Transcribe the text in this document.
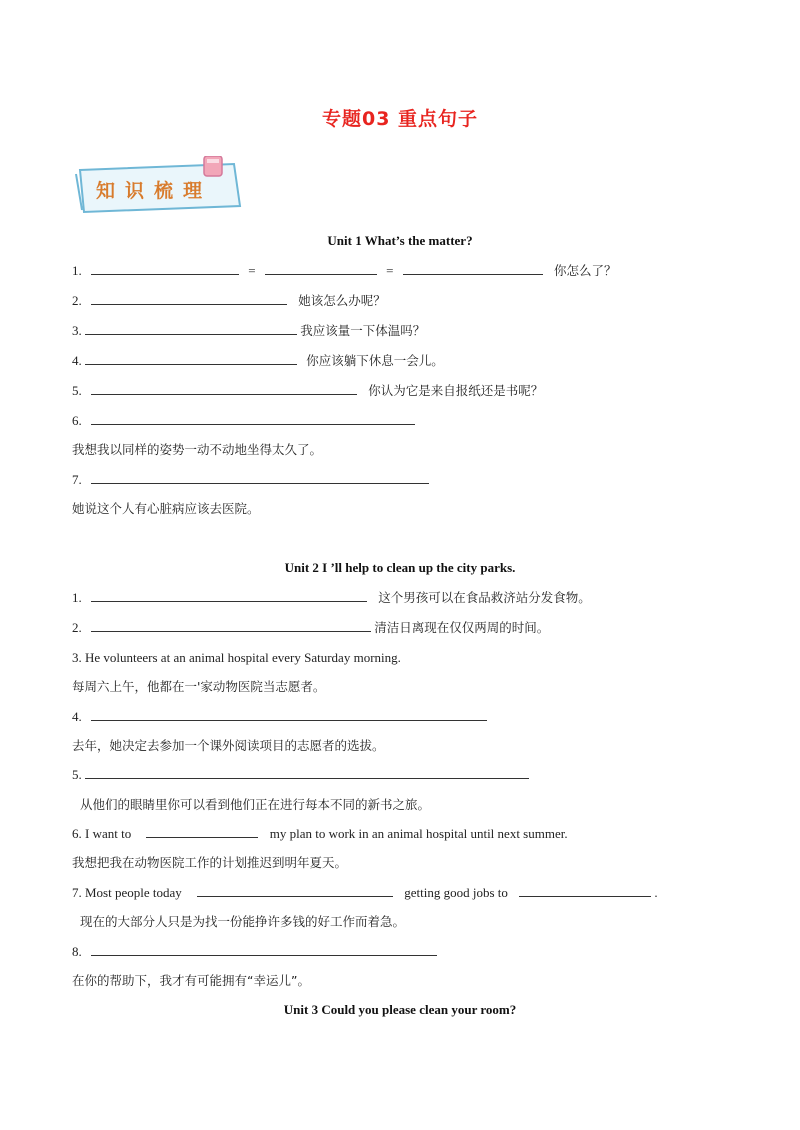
专题03 重点句子
知识梳理
Unit 1 What’s the matter?
1.	=	=	你怎么了？
2.	她该怎么办呢？
3.	我应该量一下体温吗？
4.	你应该躺下休息一会儿。
5.	你认为它是来自报纸还是书呢？
6.
我想我以同样的姿势一动不动地坐得太久了。
7.
她说这个人有心脏病应该去医院。
Unit 2 I ’ll help to clean up the city parks.
1.	这个男孩可以在食品救济站分发食物。
2.	清洁日离现在仅仅两周的时间。
3. He volunteers at an animal hospital every Saturday morning.
每周六上午，他都在一'家动物医院当志愿者。
4.
去年，她决定去参加一个课外阅读项目的志愿者的选拔。
5.
从他们的眼睛里你可以看到他们正在进行每本不同的新书之旅。
6. I want to	my plan to work in an animal hospital until next summer.
我想把我在动物医院工作的计划推迟到明年夏天。
7. Most people today	getting good jobs to	.
现在的大部分人只是为找一份能挣许多钱的好工作而着急。
8.
在你的帮助下，我才有可能拥有“幸运儿”。
Unit 3 Could you please clean your room?
